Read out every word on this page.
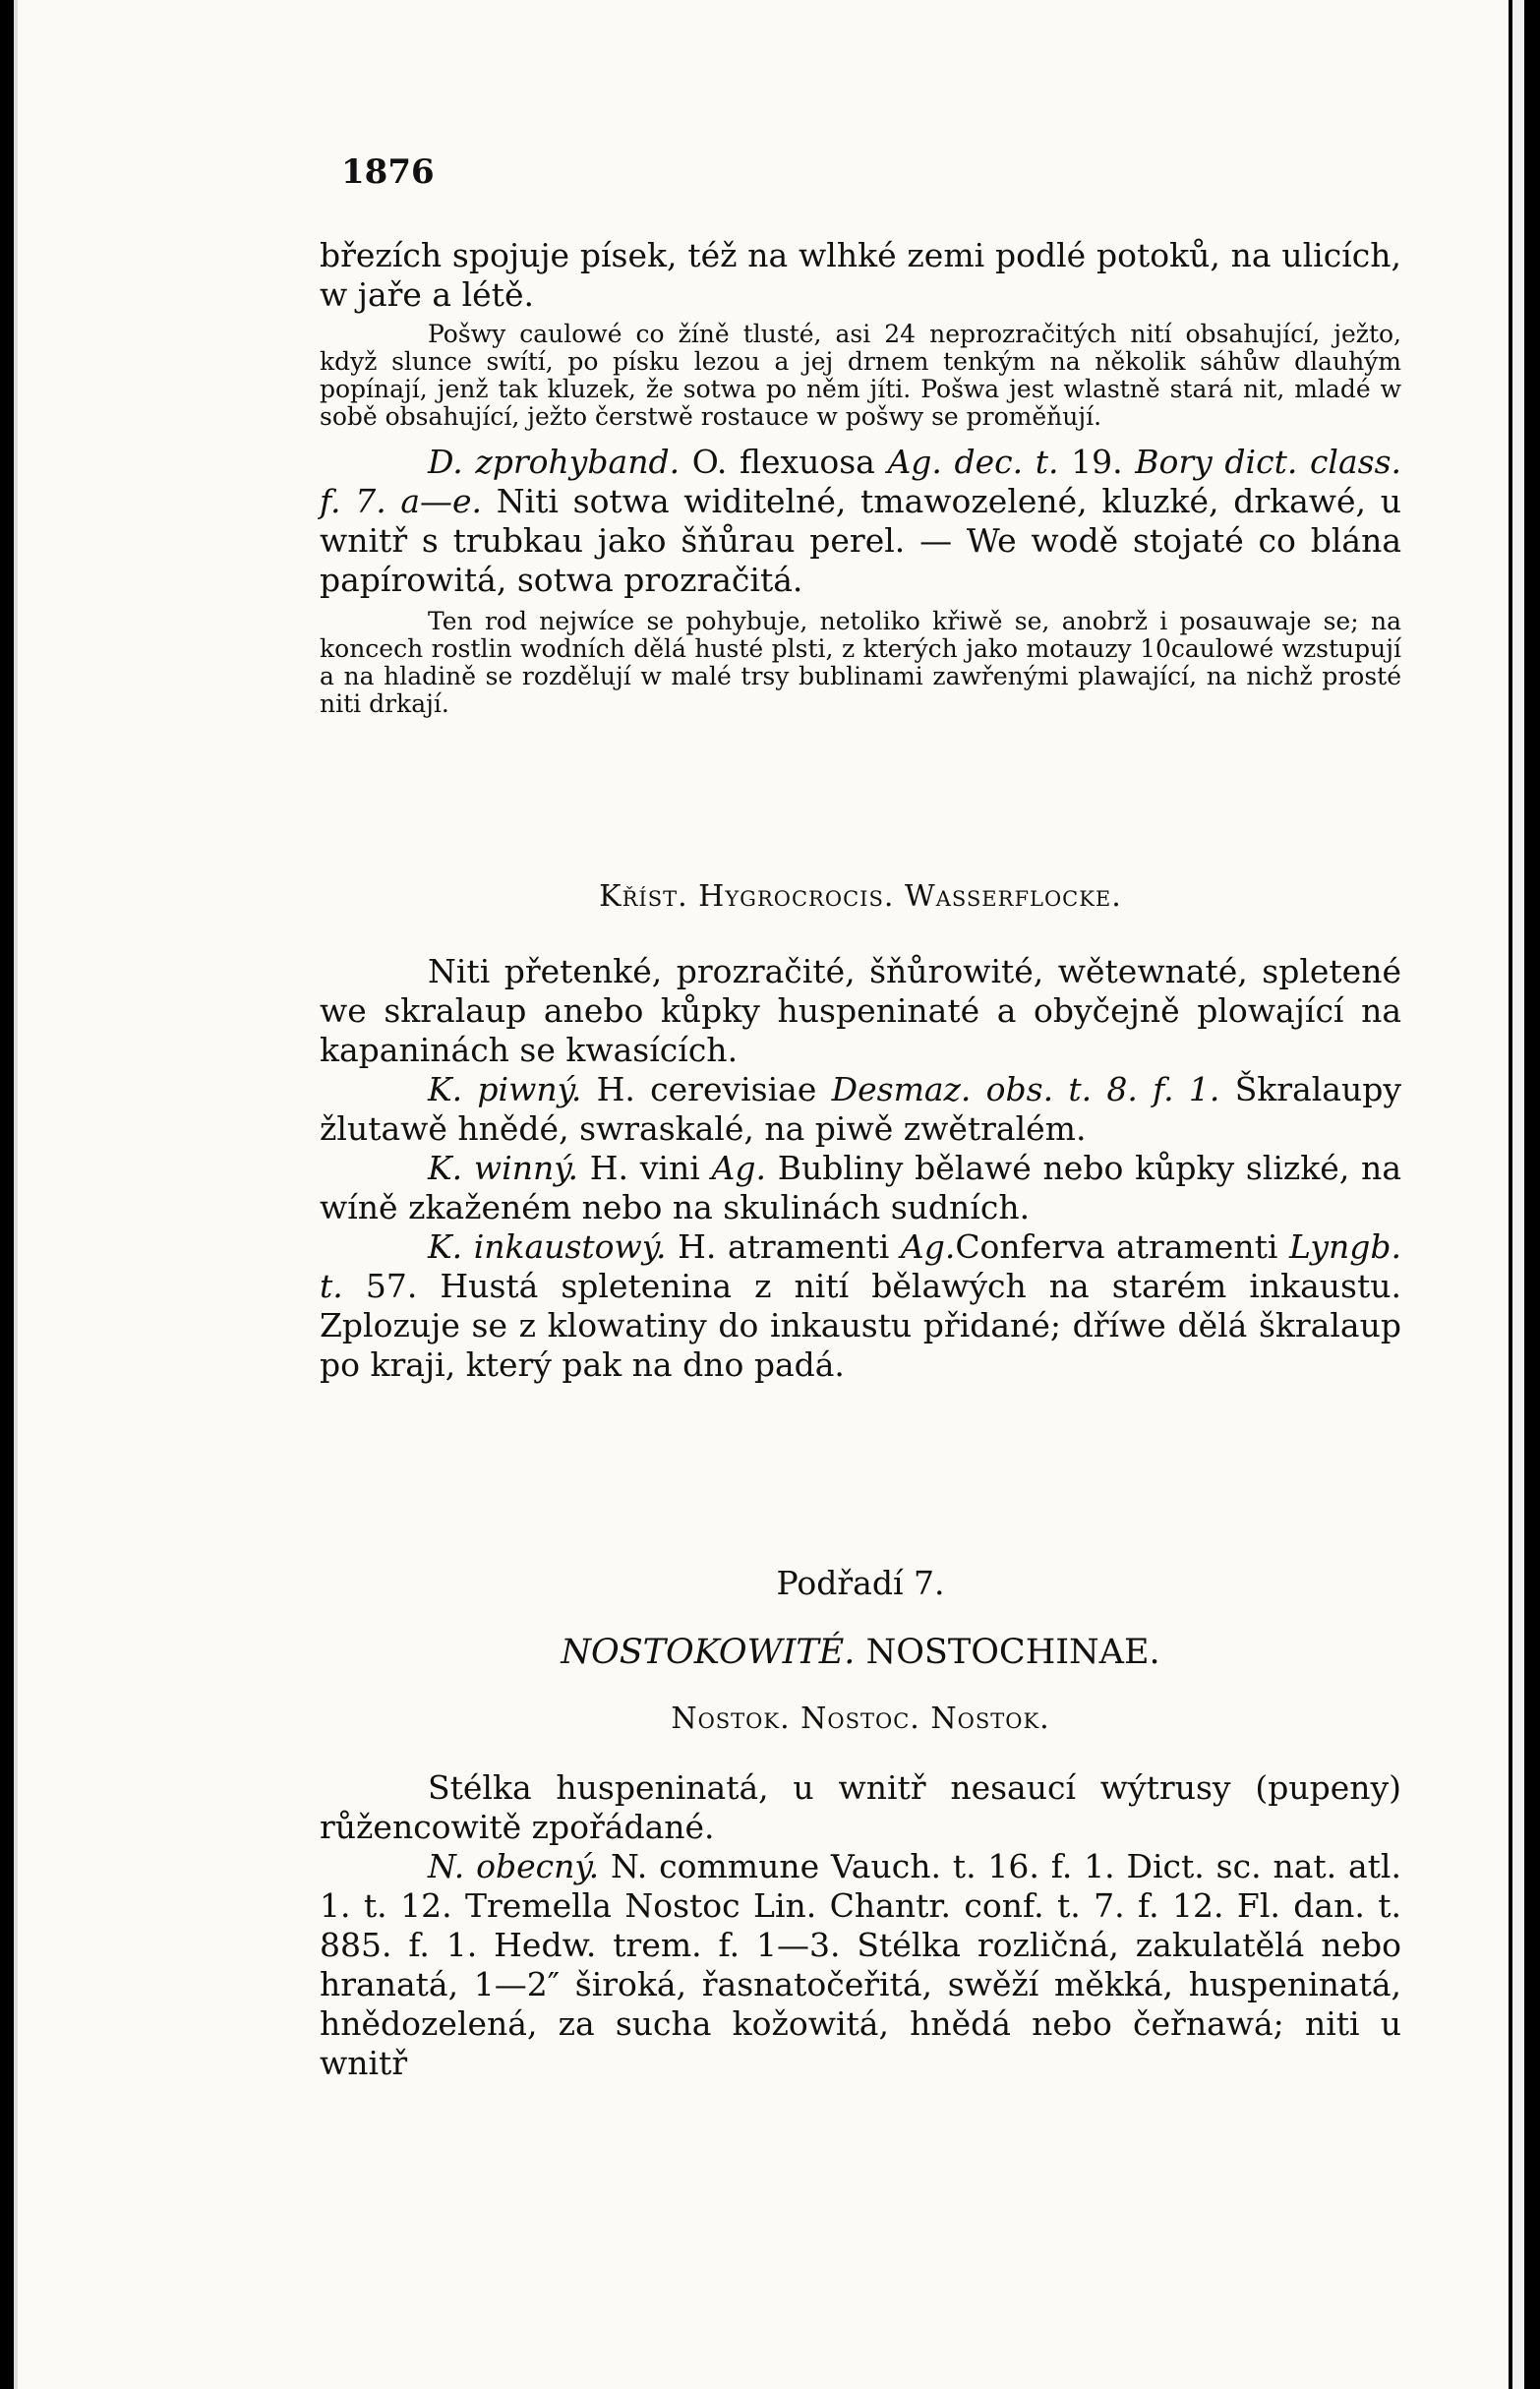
1876

březích spojuje písek, též na wlhké zemi podlé potoků, na ulicích, w jaře a létě.

Pošwy caulowé co žíně tlusté, asi 24 neprozračitých nití obsahující, ježto, když slunce swítí, po písku lezou a jej drnem tenkým na několik sáhůw dlauhým popínají, jenž tak kluzek, že sotwa po něm jíti. Pošwa jest wlastně stará nit, mladé w sobě obsahující, ježto čerstwě rostauce w pošwy se proměňují.

D. zprohyband. O. flexuosa Ag. dec. t. 19. Bory dict. class. f. 7. a—e. Niti sotwa widitelné, tmawozelené, kluzké, drkawé, u wnitř s trubkau jako šňůrau perel. — We wodě stojaté co blána papírowitá, sotwa prozračitá.

Ten rod nejwíce se pohybuje, netoliko křiwě se, anobrž i posauwaje se; na koncech rostlin wodních dělá husté plsti, z kterých jako motauzy 10caulowé wzstupují a na hladině se rozdělují w malé trsy bublinami zawřenými plawající, na nichž prosté niti drkají.

Kříst. Hygrocrocis. Wasserflocke.

Niti přetenké, prozračité, šňůrowité, wětewnaté, spletené we skralaup anebo kůpky huspeninaté a obyčejně plowající na kapaninách se kwasících.

K. piwný. H. cerevisiae Desmaz. obs. t. 8. f. 1. Škralaupy žlutawě hnědé, swraskalé, na piwě zwětralém.

K. winný. H. vini Ag. Bubliny bělawé nebo kůpky slizké, na wíně zkaženém nebo na skulinách sudních.

K. inkaustowý. H. atramenti Ag.Conferva atramenti Lyngb. t. 57. Hustá spletenina z nití bělawých na starém inkaustu. Zplozuje se z klowatiny do inkaustu přidané; dříwe dělá škralaup po kraji, který pak na dno padá.

Podřadí 7.

NOSTOKOWITÉ. NOSTOCHINAE.

Nostok. Nostoc. Nostok.

Stélka huspeninatá, u wnitř nesaucí wýtrusy (pupeny) růžencowitě zpořádané.

N. obecný. N. commune Vauch. t. 16. f. 1. Dict. sc. nat. atl. 1. t. 12. Tremella Nostoc Lin. Chantr. conf. t. 7. f. 12. Fl. dan. t. 885. f. 1. Hedw. trem. f. 1—3. Stélka rozličná, zakulatělá nebo hranatá, 1—2″ široká, řasnatočeřitá, swěží měkká, huspeninatá, hnědozelená, za sucha kožowitá, hnědá nebo čeřnawá; niti u wnitř
